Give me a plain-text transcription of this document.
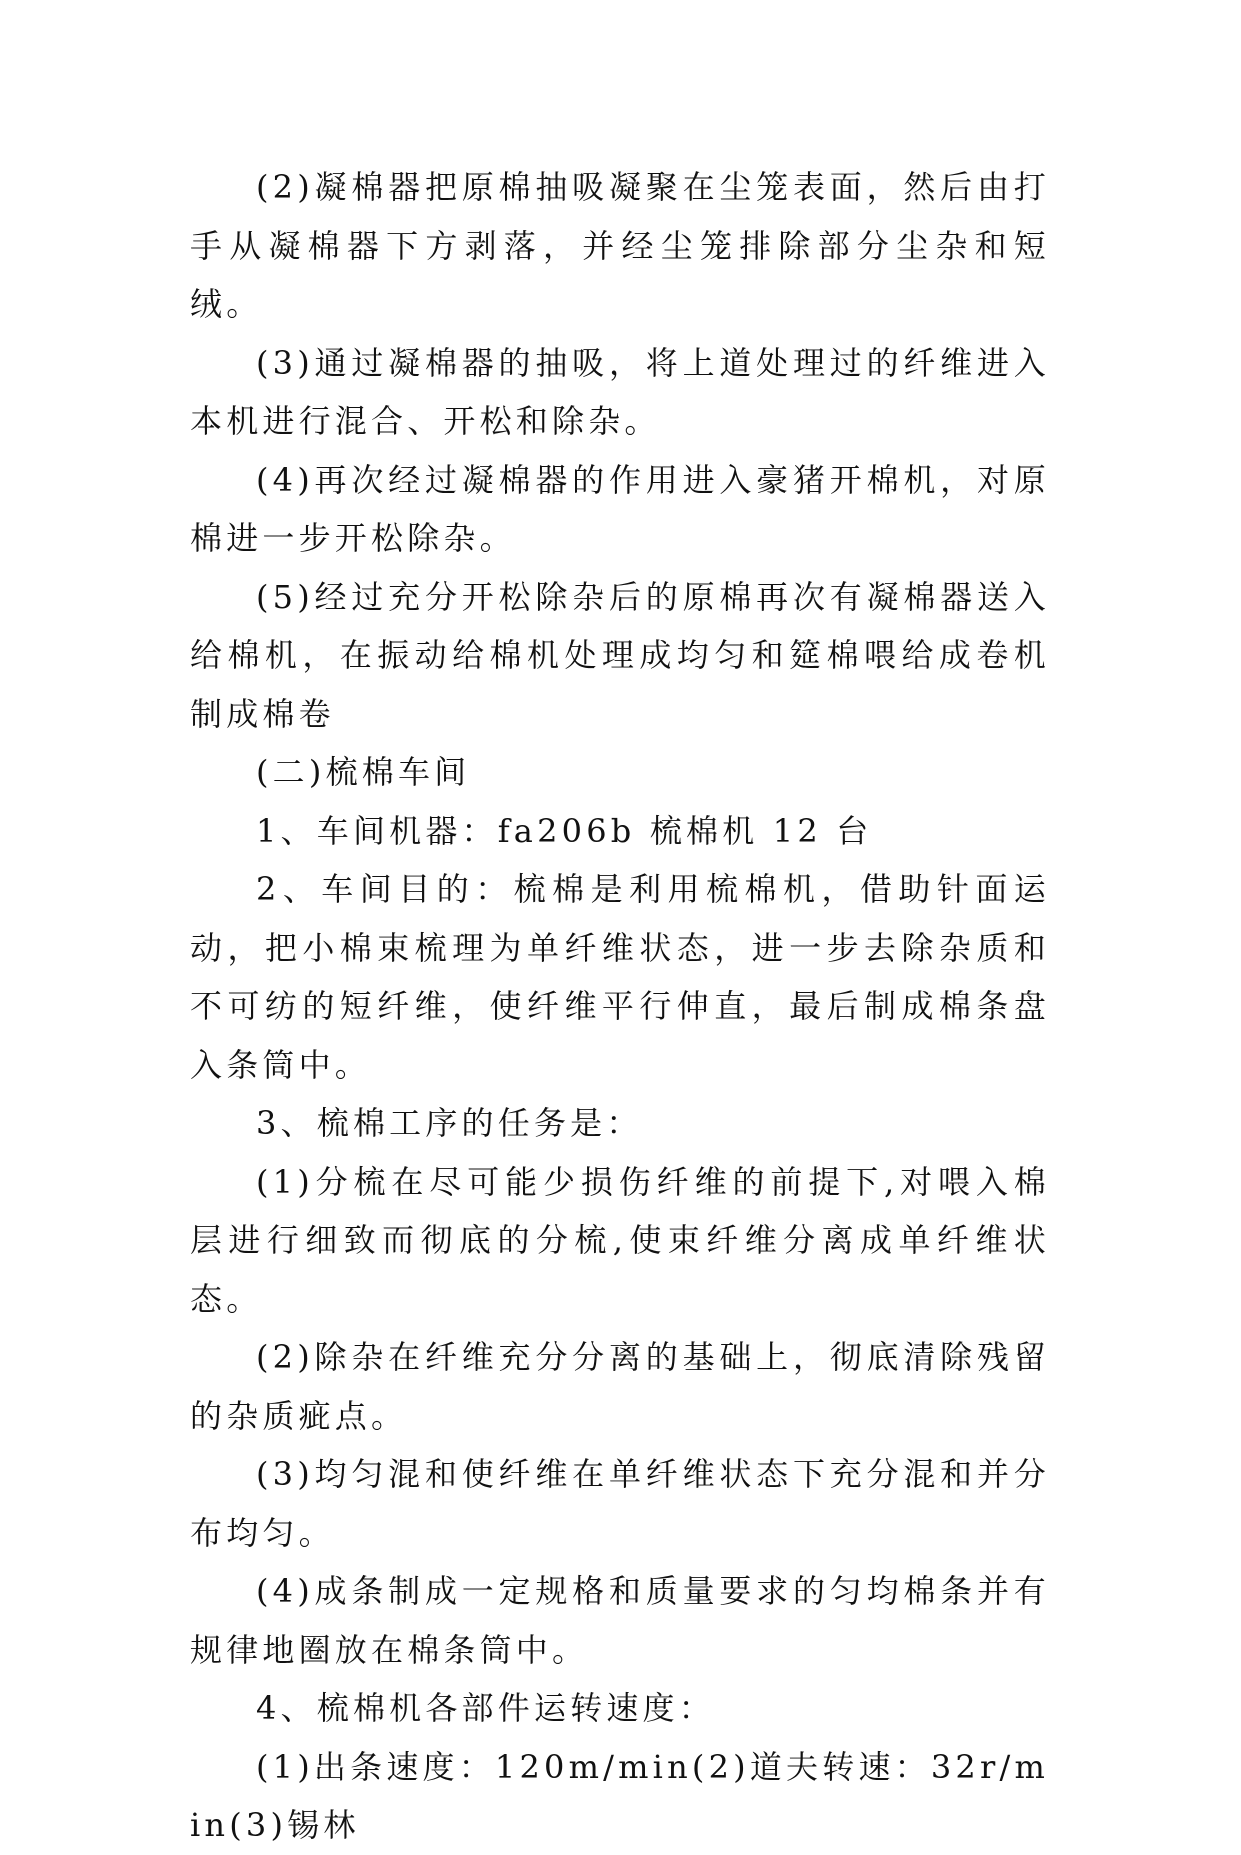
(2)凝棉器把原棉抽吸凝聚在尘笼表面，然后由打手从凝棉器下方剥落，并经尘笼排除部分尘杂和短绒。

(3)通过凝棉器的抽吸，将上道处理过的纤维进入本机进行混合、开松和除杂。

(4)再次经过凝棉器的作用进入豪猪开棉机，对原棉进一步开松除杂。

(5)经过充分开松除杂后的原棉再次有凝棉器送入给棉机，在振动给棉机处理成均匀和筵棉喂给成卷机制成棉卷

(二)梳棉车间

1、车间机器：fa206b 梳棉机 12 台

2、车间目的：梳棉是利用梳棉机，借助针面运动，把小棉束梳理为单纤维状态，进一步去除杂质和不可纺的短纤维，使纤维平行伸直，最后制成棉条盘入条筒中。

3、梳棉工序的任务是：

(1)分梳在尽可能少损伤纤维的前提下,对喂入棉层进行细致而彻底的分梳,使束纤维分离成单纤维状态。

(2)除杂在纤维充分分离的基础上，彻底清除残留的杂质疵点。

(3)均匀混和使纤维在单纤维状态下充分混和并分布均匀。

(4)成条制成一定规格和质量要求的匀均棉条并有规律地圈放在棉条筒中。

4、梳棉机各部件运转速度：

(1)出条速度：120m/min(2)道夫转速：32r/min(3)锡林
